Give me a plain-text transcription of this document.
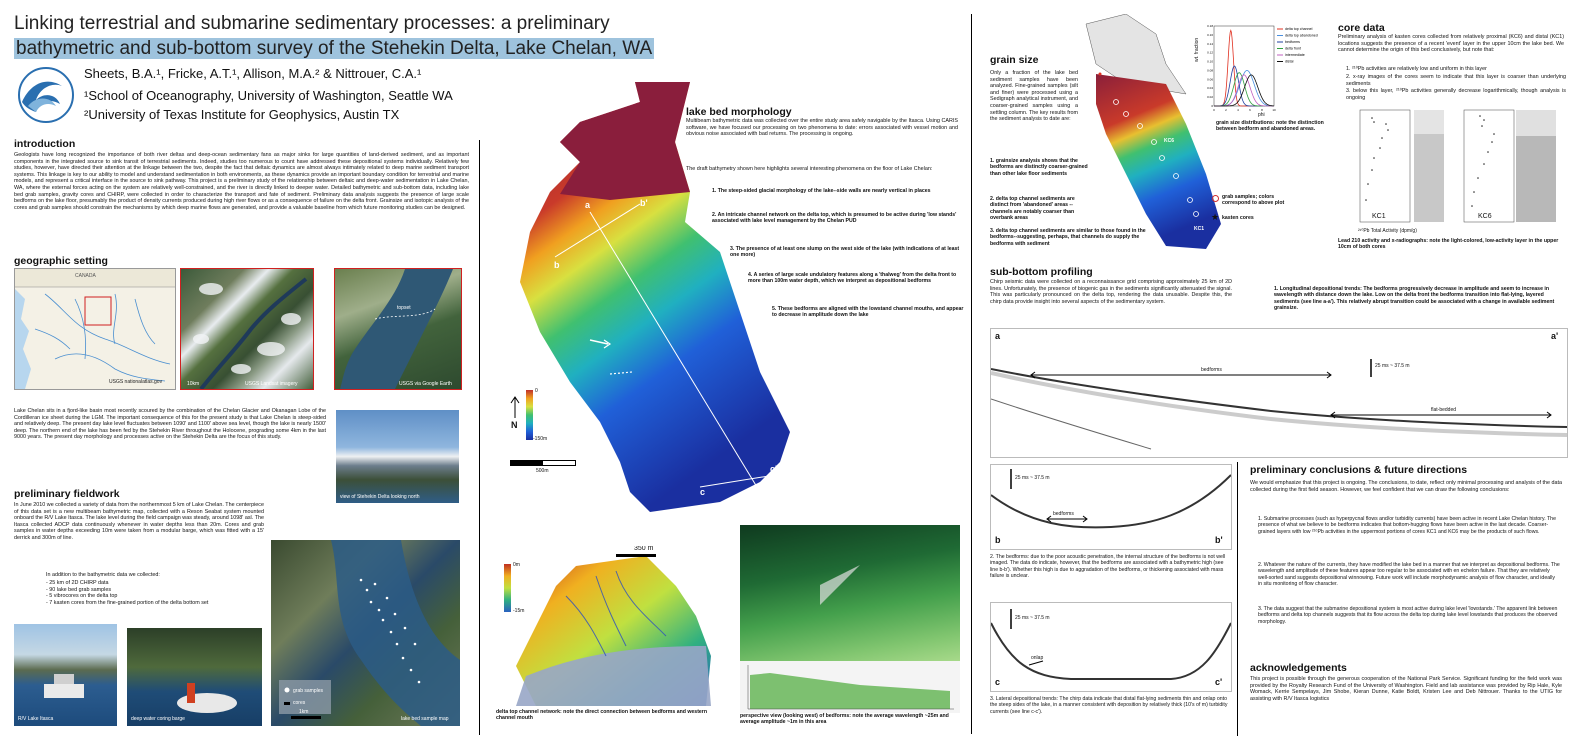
Linking terrestrial and submarine sedimentary processes: a preliminary
bathymetric and sub-bottom survey of the Stehekin Delta, Lake Chelan, WA
Sheets, B.A.¹, Fricke, A.T.¹, Allison, M.A.² & Nittrouer, C.A.¹
¹School of Oceanography, University of Washington, Seattle WA
²University of Texas Institute for Geophysics, Austin TX
introduction
Geologists have long recognized the importance of both river deltas and deep-ocean sedimentary fans as major sinks for large quantities of land-derived sediment, and as important components in the integrated source to sink transit of terrestrial sediments. Indeed, studies too numerous to count have addressed these depositional systems individually. Relatively few studies, however, have directed their attention at the linkage between the two, despite the fact that deltaic dynamics are almost always intimately related to deep marine sediment transport systems. This linkage is key to our ability to model and understand sedimentation in both environments, as these dynamics provide an important boundary condition for terrestrial and marine models, and represent a critical interface in the source to sink pathway. This project is a preliminary study of the relationship between deltaic and deep-water sedimentation in Lake Chelan, WA, where the external forces acting on the system are relatively well-constrained, and the river is directly linked to deeper water. Detailed bathymetric and sub-bottom data, including lake bed grab samples, gravity cores and CHIRP, were collected in order to characterize the transport and fate of sediment. Preliminary data analysis suggests the presence of large scale bedforms on the lake floor, presumably the product of density currents produced during high river flows or as a consequence of failure on the delta front. Grainsize and isotopic analysis of the cores and grab samples should constrain the mechanisms by which deep marine flows are generated, and provide a valuable baseline from which future monitoring studies can be designed.
geographic setting
CANADA
USGS nationalatlas.gov	10km	USGS Landsat imagery
topset
USGS via Google Earth
Lake Chelan sits in a fjord-like basin most recently scoured by the combination of the Chelan Glacier and Okanagan Lobe of the Cordilleran ice sheet during the LGM. The important consequence of this for the present study is that Lake Chelan is steep-sided and relatively deep. The present day lake level fluctuates between 1090' and 1100' above sea level, though the lake is nearly 1500' deep. The northern end of the lake has been fed by the Stehekin River throughout the Holocene, prograding some 4km in the last 9000 years. The present day morphology and processes active on the Stehekin Delta are the focus of this study.
view of Stehekin Delta looking north
preliminary fieldwork
In June 2010 we collected a variety of data from the northernmost 5 km of Lake Chelan. The centerpiece of this data set is a new multibeam bathymetric map, collected with a Reson Seabat system mounted onboard the R/V Lake Itasca. The lake level during the field campaign was steady, around 1098' asl. The Itasca collected ADCP data continuously whenever in water depths less than 20m. Cores and grab samples in water depths exceeding 10m were taken from a modular barge, which was fitted with a 15' derrick and 300m of line.
In addition to the bathymetric data we collected:
- 25 km of 2D CHIRP data
- 90 lake bed grab samples
- 5 vibrocores on the delta top
- 7 kasten cores from the fine-grained portion of the delta bottom set
R/V Lake Itasca	deep water coring barge
grab samples
cores
1km
lake bed sample map
a
b
b'
c
c'
N
0
-150m
500m
lake bed morphology
Multibeam bathymetric data was collected over the entire study area safely navigable by the Itasca. Using CARIS software, we have focused our processing on two phenomena to date: errors associated with vessel motion and obvious noise associated with bad returns. The processing is ongoing.
The draft bathymetry shown here highlights several interesting phenomena on the floor of Lake Chelan:
1. The steep-sided glacial morphology of the lake--side walls are nearly vertical in places
2. An intricate channel network on the delta top, which is presumed to be active during 'low stands' associated with lake level management by the Chelan PUD
3. The presence of at least one slump on the west side of the lake (with indications of at least one more)
4. A series of large scale undulatory features along a 'thalweg' from the delta front to more than 100m water depth, which we interpret as depositional bedforms
5. These bedforms are aligned with the lowstand channel mouths, and appear to decrease in amplitude down the lake
350 m
0m
-15m
delta top channel network: note the direct connection between bedforms and western channel mouth	perspective view (looking west) of bedforms: note the average wavelength ~25m and average amplitude ~1m in this area
grain size
Only a fraction of the lake bed sediment samples have been analyzed. Fine-grained samples (silt and finer) were processed using a Sedigraph analytical instrument, and coarser-grained samples using a settling column. The key results from the sediment analysis to date are:
1. grainsize analysis shows that the bedforms are distinctly coarser-grained than other lake floor sediments
2. delta top channel sediments are distinct from 'abandoned' areas --channels are notably coarser than overbank areas
3. delta top channel sediments are similar to those found in the bedforms--suggesting, perhaps, that channels do supply the bedforms with sediment
KC6
KC1
0.18
0.16
0.14
0.12
0.10
0.08
0.06
0.04
0.02
0
0	2	4	6	8	10
delta top channel
delta top abandoned
bedforms
delta front
intermediate
distal
wt. fraction
phi
grain size distributions: note the distinction between bedform and abandoned areas.
grab samples; colors correspond to above plot
★ kasten cores
core data
Preliminary analysis of kasten cores collected from relatively proximal (KC6) and distal (KC1) locations suggests the presence of a recent 'event' layer in the upper 10cm the lake bed. We cannot determine the origin of this bed conclusively, but note that:
1. ²¹⁰Pb activities are relatively low and uniform in this layer
2. x-ray images of the cores seem to indicate that this layer is coarser than underlying sediments
3. below this layer, ²¹⁰Pb activities generally decrease logarithmically, though analysis is ongoing
KC1	KC6
²¹⁰Pb Total Activity (dpm/g)
Lead 210 activity and x-radiographs: note the light-colored, low-activity layer in the upper 10cm of both cores
sub-bottom profiling
Chirp seismic data were collected on a reconnaissance grid comprising approximately 25 km of 2D lines. Unfortunately, the presence of biogenic gas in the sediments significantly attenuated the signal. This was particularly pronounced on the delta top, rendering the data unusable. Despite this, the chirp data provide insight into several aspects of the sedimentary system.
1. Longitudinal depositional trends: The bedforms progressively decrease in amplitude and seem to increase in wavelength with distance down the lake. Low on the delta front the bedforms transition into flat-lying, layered sediments (see line a-a'). This relatively abrupt transition could be associated with a change in available sediment grainsize.
a	a'
25 ms ~ 37.5 m
bedforms
flat-bedded
25 ms ~ 37.5 m
bedforms
b	b'
2. The bedforms: due to the poor acoustic penetration, the internal structure of the bedforms is not well imaged. The data do indicate, however, that the bedforms are associated with a bathymetric high (see line b-b'). Whether this high is due to aggradation of the bedforms, or thickening associated with mass failure is unclear.
25 ms ~ 37.5 m
onlap
c	c'
3. Lateral depositional trends: The chirp data indicate that distal flat-lying sediments thin and onlap onto the steep sides of the lake, in a manner consistent with deposition by relatively thick (10's of m) turbidity currents (see line c-c').
preliminary conclusions & future directions
We would emphasize that this project is ongoing. The conclusions, to date, reflect only minimal processing and analysis of the data collected during the first field season. However, we feel confident that we can draw the following conclusions:
1. Submarine processes (such as hyperpycnal flows and/or turbidity currents) have been active in recent Lake Chelan history. The presence of what we believe to be bedforms indicates that bottom-hugging flows have been active in the last decade. Coarser-grained layers with low ²¹⁰Pb activities in the uppermost portions of cores KC1 and KC6 may be the products of such flows.
2. Whatever the nature of the currents, they have modified the lake bed in a manner that we interpret as depositional bedforms. The wavelength and amplitude of these features appear too regular to be associated with en echelon failure. That they are relatively well-sorted sand suggests depositional winnowing. Future work will include morphodynamic analysis of flow character, and ideally in situ monitoring of flow character.
3. The data suggest that the submarine depositional system is most active during lake level 'lowstands.' The apparent link between bedforms and delta top channels suggests that its flow across the delta top during lake level lowstands that produces the observed morphology.
acknowledgements
This project is possible through the generous cooperation of the National Park Service. Significant funding for the field work was provided by the Royalty Research Fund of the University of Washington. Field and lab assistance was provided by Rip Hale, Kyle Womack, Kerrie Sempelays, Jim Shobe, Kieran Dunne, Katie Boldt, Kristen Lee and Deb Nittrouer. Thanks to the UTIG for assisting with R/V Itasca logistics
